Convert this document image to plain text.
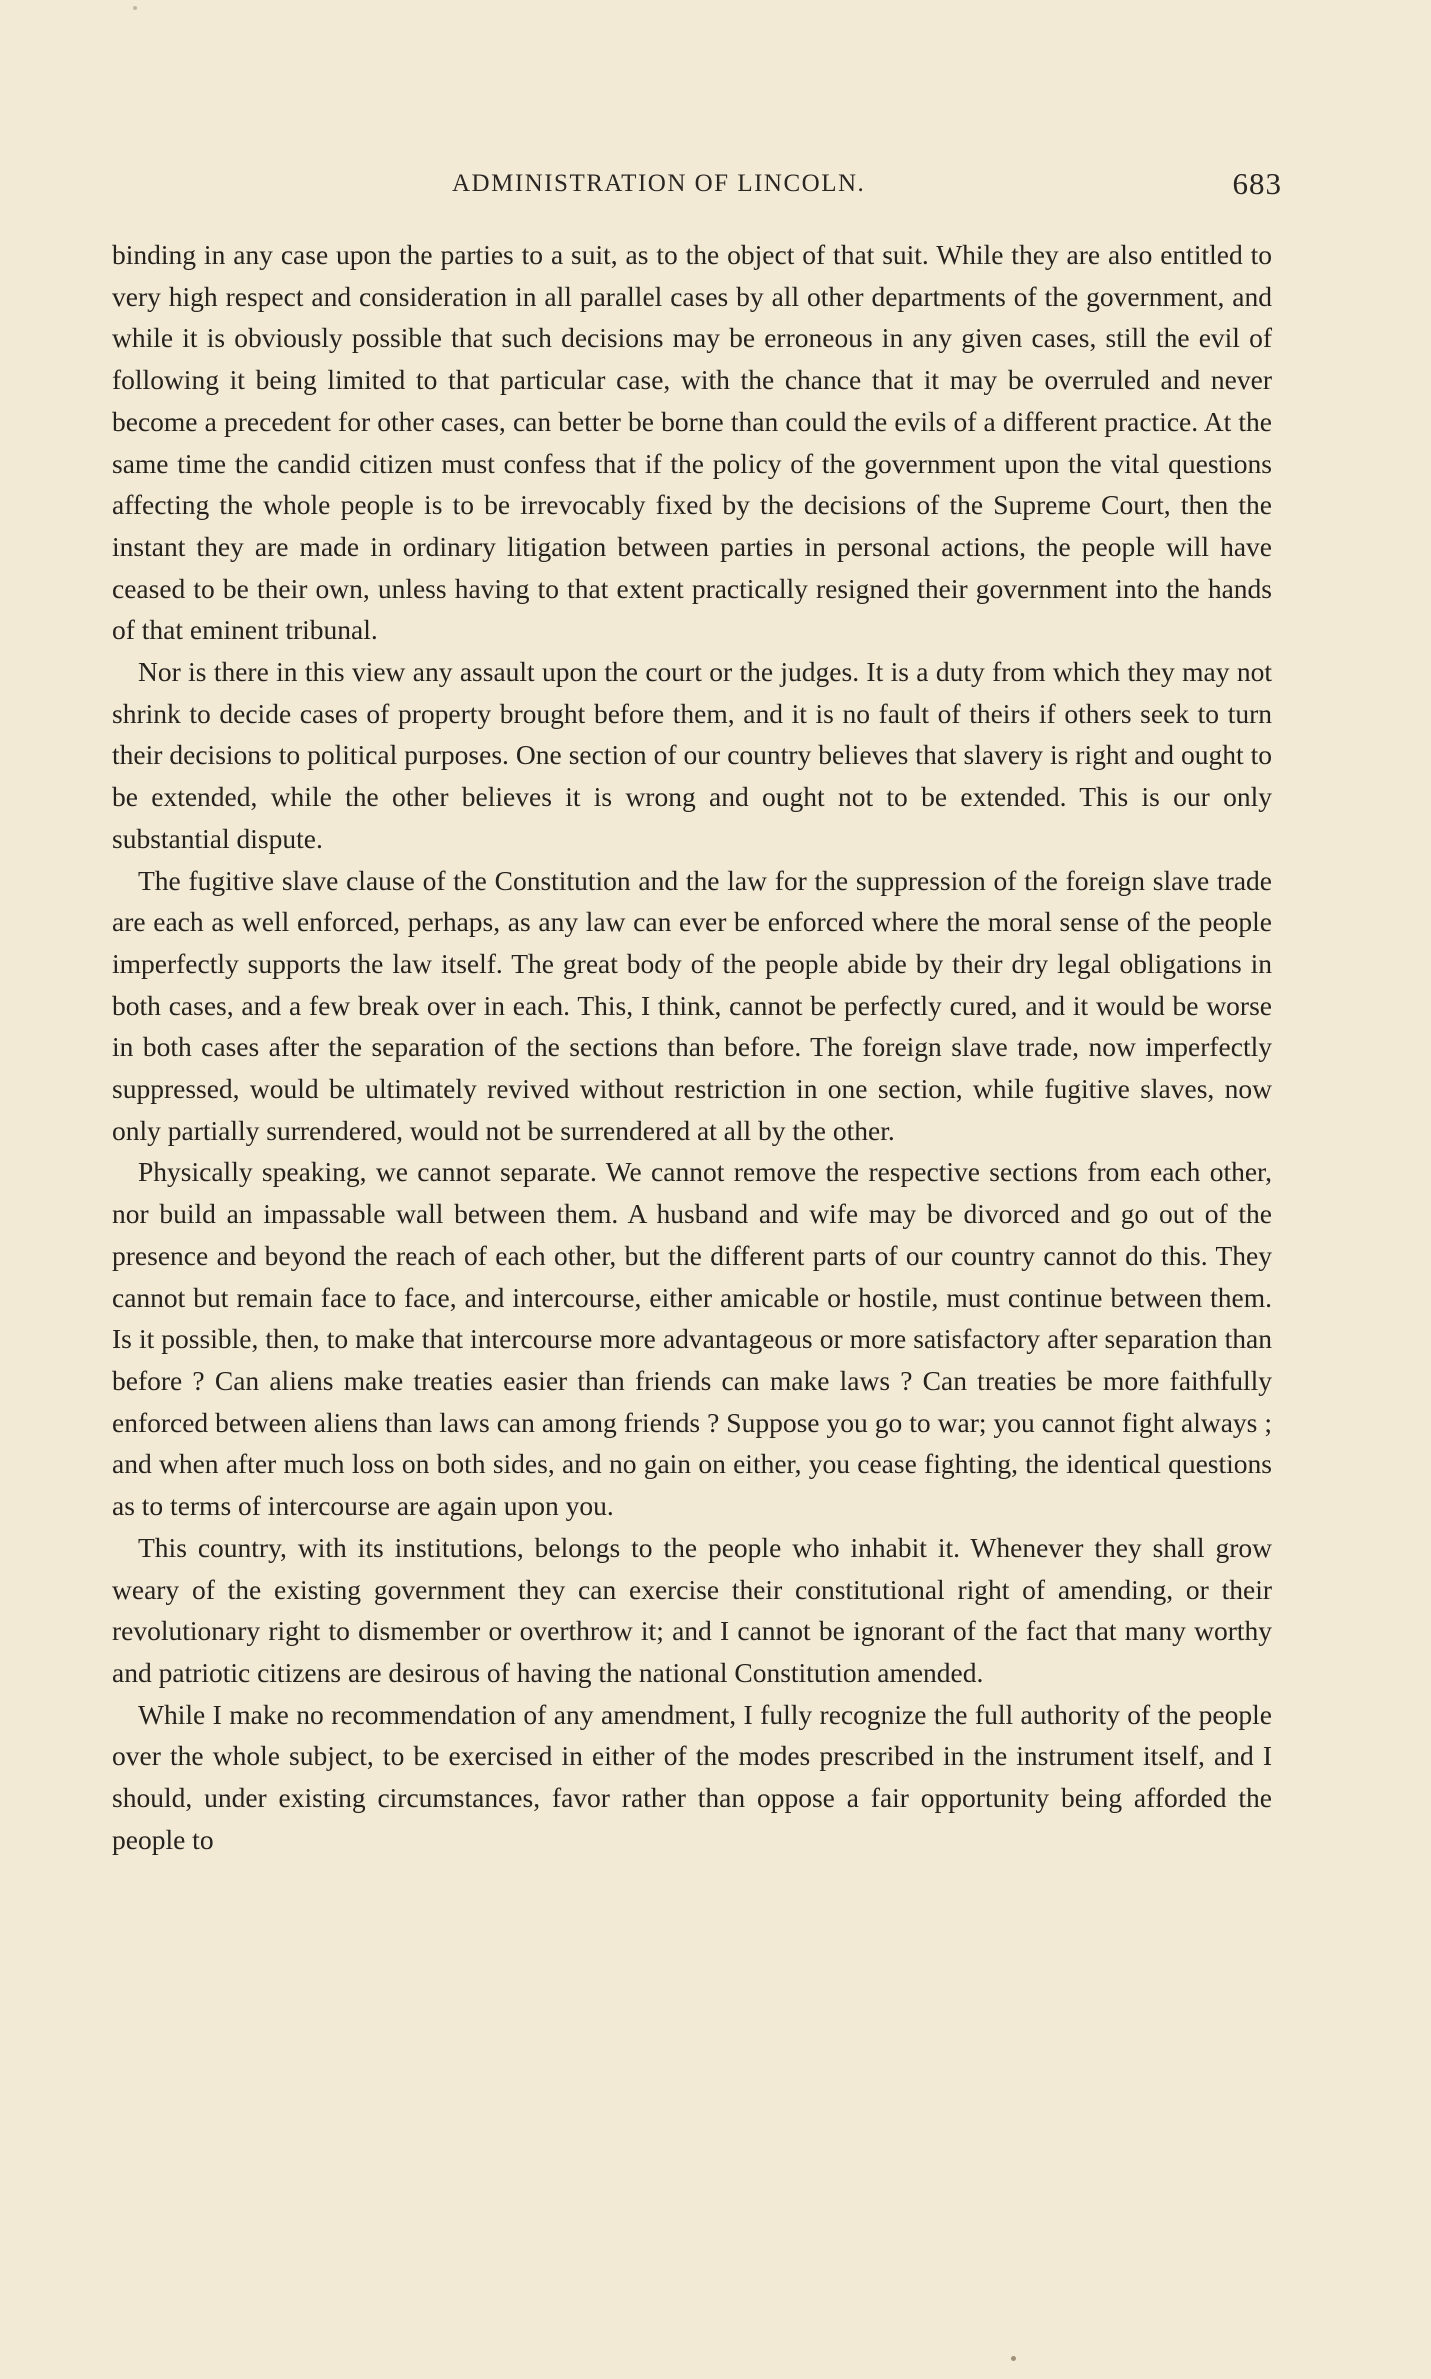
ADMINISTRATION OF LINCOLN.	683

binding in any case upon the parties to a suit, as to the object of that suit. While they are also entitled to very high respect and consideration in all parallel cases by all other departments of the government, and while it is obviously possible that such decisions may be erroneous in any given cases, still the evil of following it being limited to that particular case, with the chance that it may be overruled and never become a precedent for other cases, can better be borne than could the evils of a different practice. At the same time the candid citizen must confess that if the policy of the government upon the vital questions affecting the whole people is to be irrevocably fixed by the decisions of the Supreme Court, then the instant they are made in ordinary litigation between parties in personal actions, the people will have ceased to be their own, unless having to that extent practically resigned their government into the hands of that eminent tribunal.

Nor is there in this view any assault upon the court or the judges. It is a duty from which they may not shrink to decide cases of property brought before them, and it is no fault of theirs if others seek to turn their decisions to political purposes. One section of our country believes that slavery is right and ought to be extended, while the other believes it is wrong and ought not to be extended. This is our only substantial dispute.

The fugitive slave clause of the Constitution and the law for the suppression of the foreign slave trade are each as well enforced, perhaps, as any law can ever be enforced where the moral sense of the people imperfectly supports the law itself. The great body of the people abide by their dry legal obligations in both cases, and a few break over in each. This, I think, cannot be perfectly cured, and it would be worse in both cases after the separation of the sections than before. The foreign slave trade, now imperfectly suppressed, would be ultimately revived without restriction in one section, while fugitive slaves, now only partially surrendered, would not be surrendered at all by the other.

Physically speaking, we cannot separate. We cannot remove the respective sections from each other, nor build an impassable wall between them. A husband and wife may be divorced and go out of the presence and beyond the reach of each other, but the different parts of our country cannot do this. They cannot but remain face to face, and intercourse, either amicable or hostile, must continue between them. Is it possible, then, to make that intercourse more advantageous or more satisfactory after separation than before ? Can aliens make treaties easier than friends can make laws ? Can treaties be more faithfully enforced between aliens than laws can among friends ? Suppose you go to war; you cannot fight always ; and when after much loss on both sides, and no gain on either, you cease fighting, the identical questions as to terms of intercourse are again upon you.

This country, with its institutions, belongs to the people who inhabit it. Whenever they shall grow weary of the existing government they can exercise their constitutional right of amending, or their revolutionary right to dismember or overthrow it; and I cannot be ignorant of the fact that many worthy and patriotic citizens are desirous of having the national Constitution amended.

While I make no recommendation of any amendment, I fully recognize the full authority of the people over the whole subject, to be exercised in either of the modes prescribed in the instrument itself, and I should, under existing circumstances, favor rather than oppose a fair opportunity being afforded the people to
